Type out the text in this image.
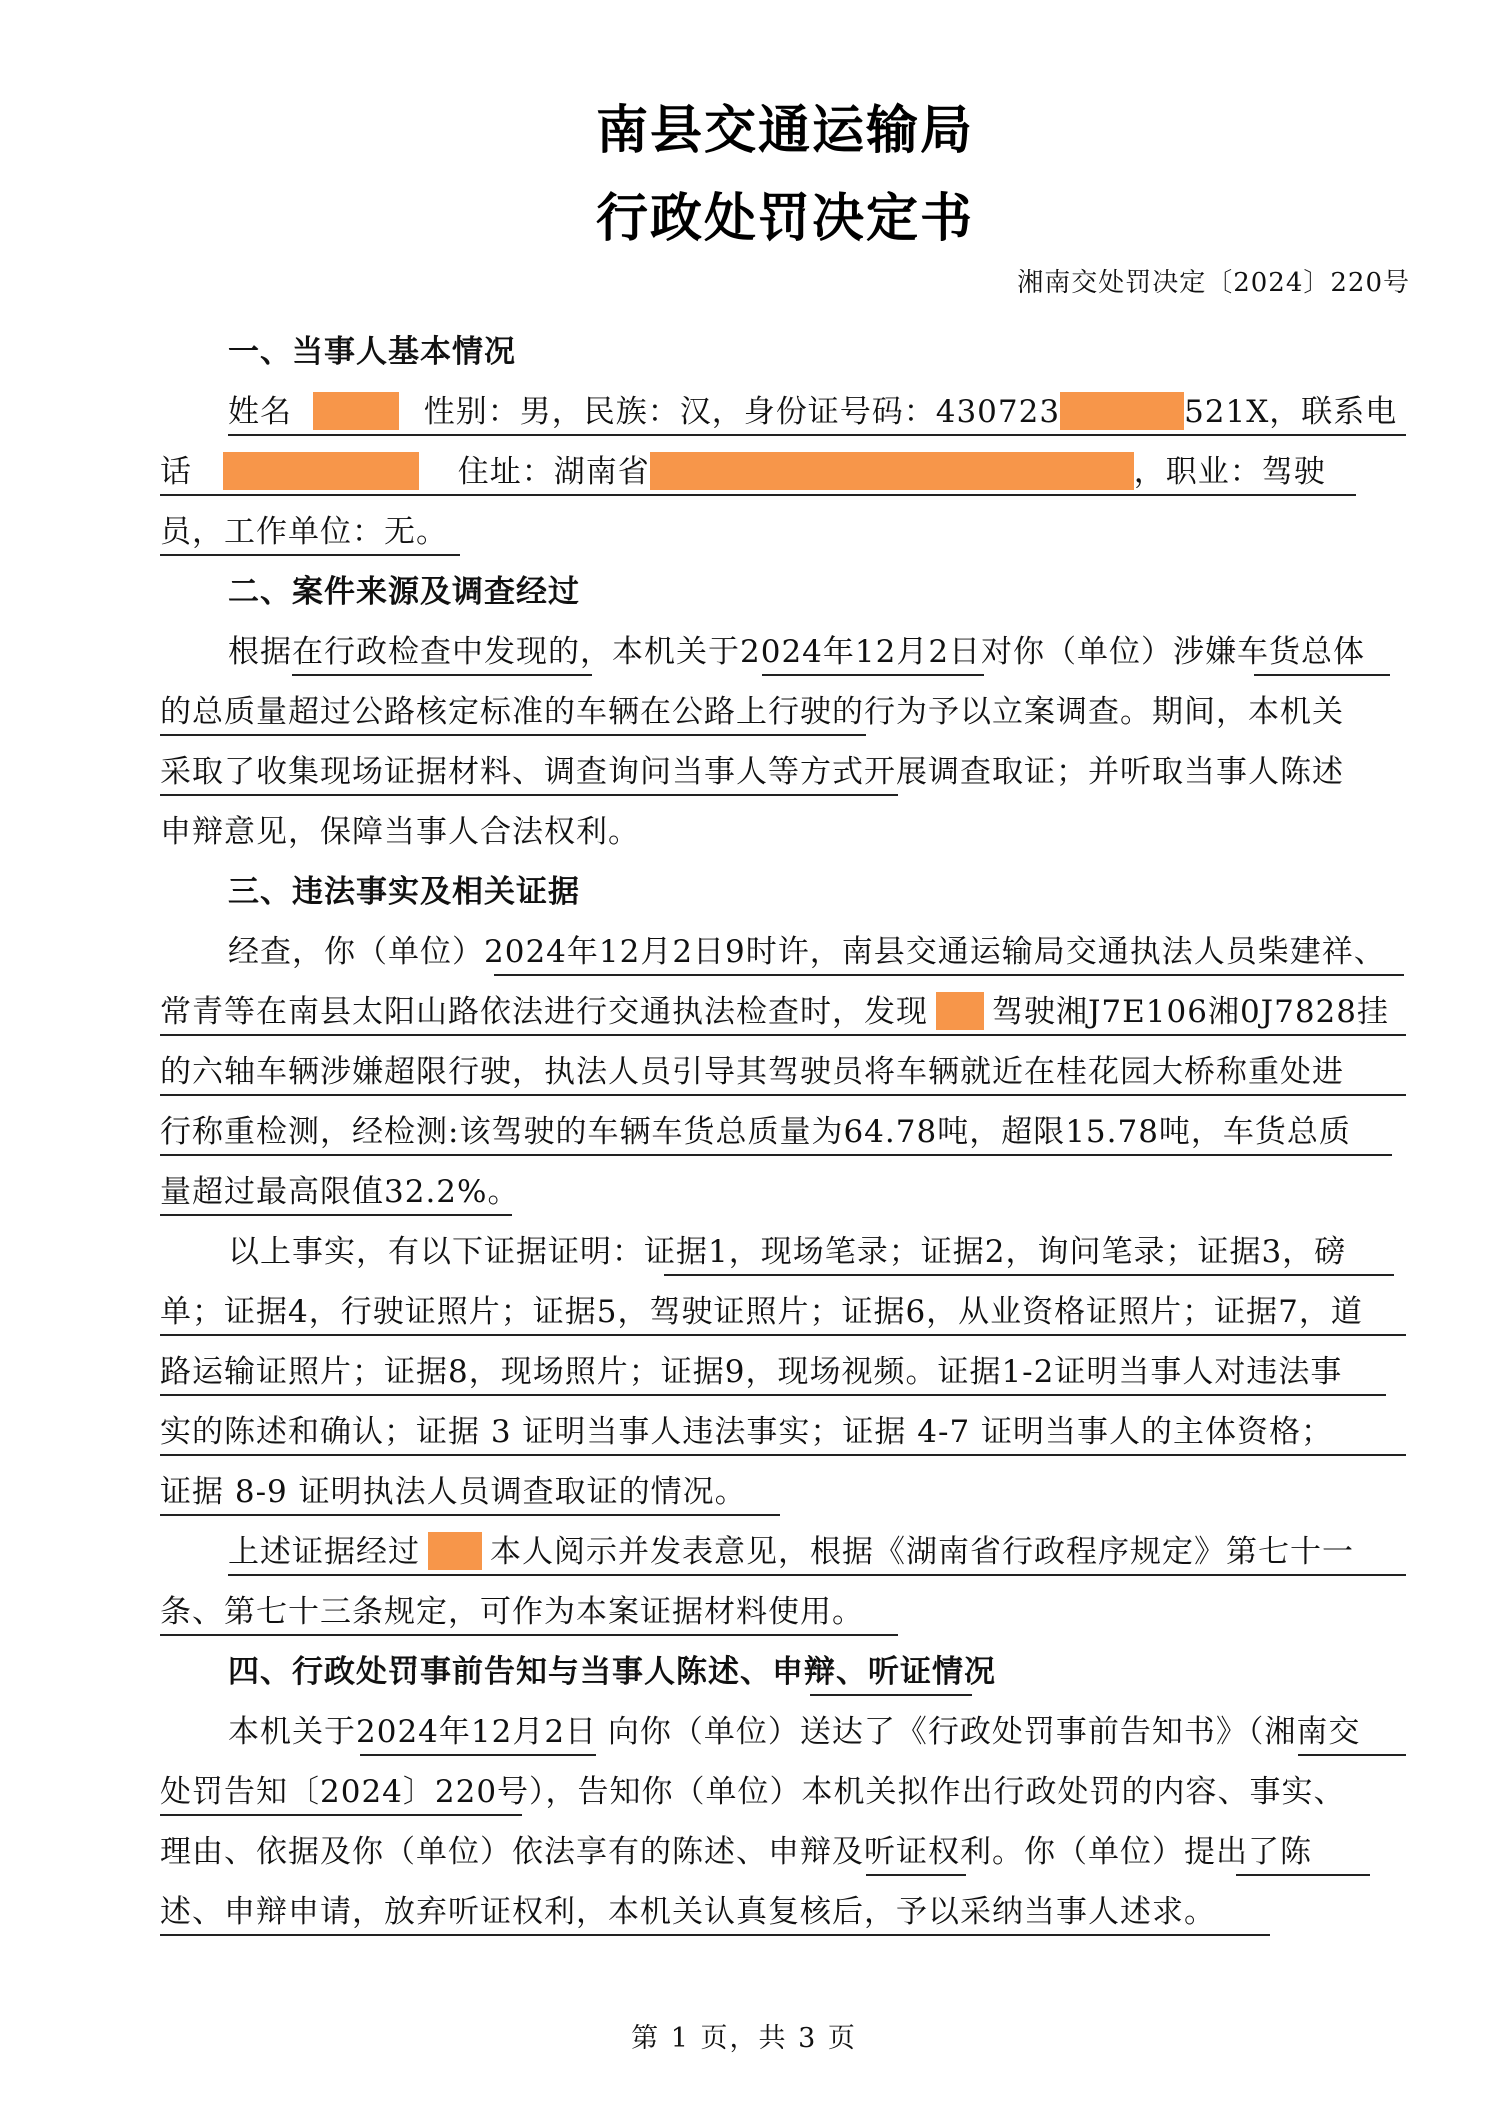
南县交通运输局
行政处罚决定书
湘南交处罚决定〔2024〕220号
一、当事人基本情况
姓名	性别：男，民族：汉，身份证号码：430723	521X，联系电
话	住址：湖南省	，职业：驾驶
员，工作单位：无。
二、案件来源及调查经过
根据在行政检查中发现的，本机关于2024年12月2日对你（单位）涉嫌车货总体
的总质量超过公路核定标准的车辆在公路上行驶的行为予以立案调查。期间，本机关
采取了收集现场证据材料、调查询问当事人等方式开展调查取证；并听取当事人陈述
申辩意见，保障当事人合法权利。
三、违法事实及相关证据
经查，你（单位）2024年12月2日9时许，南县交通运输局交通执法人员柴建祥、
常青等在南县太阳山路依法进行交通执法检查时，发现 驾驶湘J7E106湘0J7828挂
的六轴车辆涉嫌超限行驶，执法人员引导其驾驶员将车辆就近在桂花园大桥称重处进
行称重检测，经检测:该驾驶的车辆车货总质量为64.78吨，超限15.78吨，车货总质
量超过最高限值32.2%。
以上事实，有以下证据证明：证据1，现场笔录；证据2，询问笔录；证据3，磅
单；证据4，行驶证照片；证据5，驾驶证照片；证据6，从业资格证照片；证据7，道
路运输证照片；证据8，现场照片；证据9，现场视频。证据1-2证明当事人对违法事
实的陈述和确认；证据 3 证明当事人违法事实；证据 4-7 证明当事人的主体资格；
证据 8-9 证明执法人员调查取证的情况。
上述证据经过 本人阅示并发表意见，根据《湖南省行政程序规定》第七十一
条、第七十三条规定，可作为本案证据材料使用。
四、行政处罚事前告知与当事人陈述、申辩、听证情况
本机关于2024年12月2日 向你（单位）送达了《行政处罚事前告知书》（湘南交
处罚告知〔2024〕220号），告知你（单位）本机关拟作出行政处罚的内容、事实、
理由、依据及你（单位）依法享有的陈述、申辩及听证权利。你（单位）提出了陈
述、申辩申请，放弃听证权利，本机关认真复核后，予以采纳当事人述求。
第 1 页，共 3 页
